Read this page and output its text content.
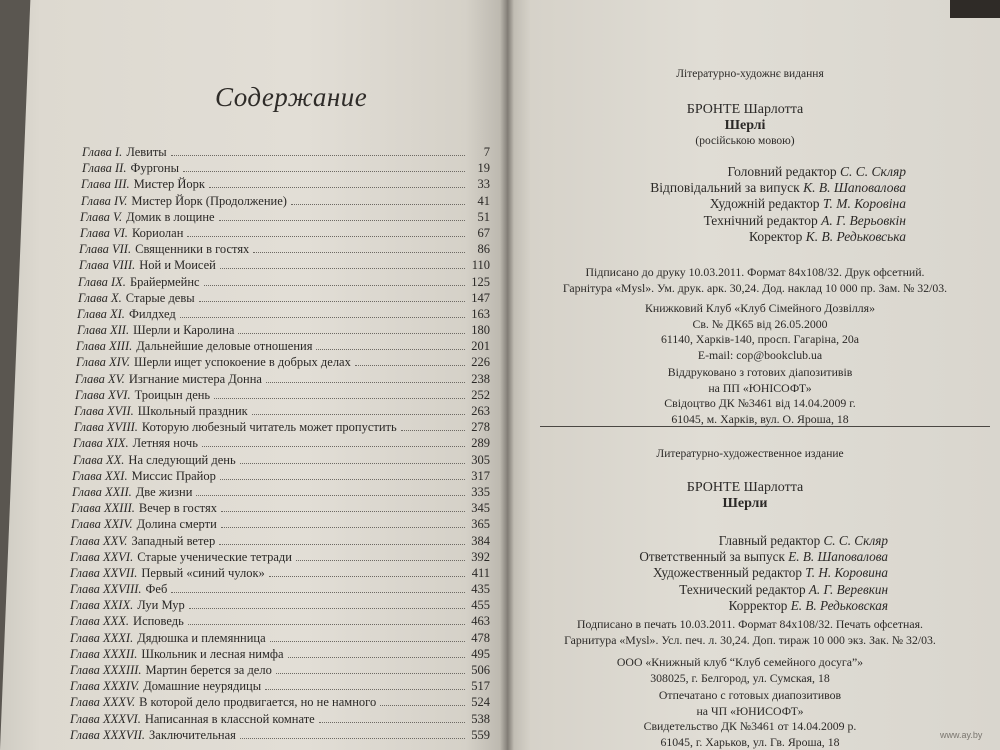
Содержание
Глава I. Левиты	7
Глава II. Фургоны	19
Глава III. Мистер Йорк	33
Глава IV. Мистер Йорк (Продолжение)	41
Глава V. Домик в лощине	51
Глава VI. Кориолан	67
Глава VII. Священники в гостях	86
Глава VIII. Ной и Моисей	110
Глава IX. Брайермейнс	125
Глава X. Старые девы	147
Глава XI. Филдхед	163
Глава XII. Шерли и Каролина	180
Глава XIII. Дальнейшие деловые отношения	201
Глава XIV. Шерли ищет успокоение в добрых делах	226
Глава XV. Изгнание мистера Донна	238
Глава XVI. Троицын день	252
Глава XVII. Школьный праздник	263
Глава XVIII. Которую любезный читатель может пропустить	278
Глава XIX. Летняя ночь	289
Глава XX. На следующий день	305
Глава XXI. Миссис Прайор	317
Глава XXII. Две жизни	335
Глава XXIII. Вечер в гостях	345
Глава XXIV. Долина смерти	365
Глава XXV. Западный ветер	384
Глава XXVI. Старые ученические тетради	392
Глава XXVII. Первый «синий чулок»	411
Глава XXVIII. Феб	435
Глава XXIX. Луи Мур	455
Глава XXX. Исповедь	463
Глава XXXI. Дядюшка и племянница	478
Глава XXXII. Школьник и лесная нимфа	495
Глава XXXIII. Мартин берется за дело	506
Глава XXXIV. Домашние неурядицы	517
Глава XXXV. В которой дело продвигается, но не намного	524
Глава XXXVI. Написанная в классной комнате	538
Глава XXXVII. Заключительная	559
Літературно-художнє видання
БРОНТЕ Шарлотта
Шерлі
(російською мовою)
Головний редактор С. С. Скляр
Відповідальний за випуск К. В. Шаповалова
Художній редактор Т. М. Коровіна
Технічний редактор А. Г. Верьовкін
Коректор К. В. Редьковська
Підписано до друку 10.03.2011. Формат 84x108/32. Друк офсетний.
Гарнітура «Mysl». Ум. друк. арк. 30,24. Дод. наклад 10 000 пр. Зам. № 32/03.
Книжковий Клуб «Клуб Сімейного Дозвілля»
Св. № ДК65 від 26.05.2000
61140, Харків-140, просп. Гагаріна, 20а
E-mail: cop@bookclub.ua
Віддруковано з готових діапозитивів
на ПП «ЮНІСОФТ»
Свідоцтво ДК №3461 від 14.04.2009 г.
61045, м. Харків, вул. О. Яроша, 18
Литературно-художественное издание
БРОНТЕ Шарлотта
Шерли
Главный редактор С. С. Скляр
Ответственный за выпуск Е. В. Шаповалова
Художественный редактор Т. Н. Коровина
Технический редактор А. Г. Веревкин
Корректор Е. В. Редьковская
Подписано в печать 10.03.2011. Формат 84x108/32. Печать офсетная.
Гарнитура «Mysl». Усл. печ. л. 30,24. Доп. тираж 10 000 экз. Зак. № 32/03.
ООО «Книжный клуб “Клуб семейного досуга”»
308025, г. Белгород, ул. Сумская, 18
Отпечатано с готовых диапозитивов
на ЧП «ЮНИСОФТ»
Свидетельство ДК №3461 от 14.04.2009 р.
61045, г. Харьков, ул. Гв. Ярошa, 18	www.ay.by
